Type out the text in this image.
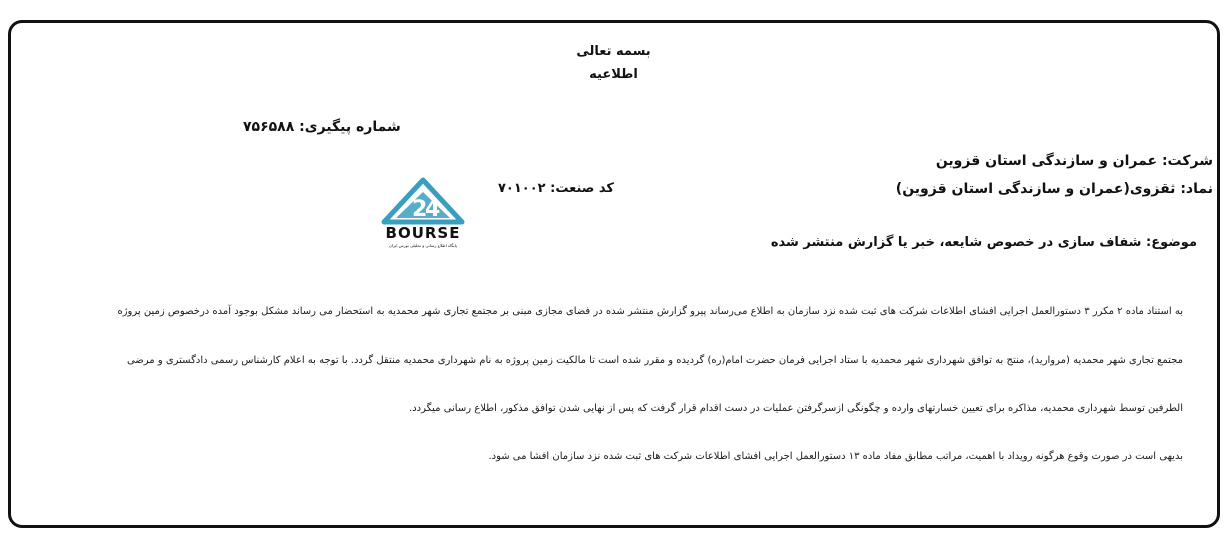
بسمه تعالی
اطلاعیه
شماره پیگیری: ۷۵۶۵۸۸
شرکت: عمران و سازندگی استان قزوین
نماد: ثقزوی(عمران و سازندگی استان قزوین)
کد صنعت: ۷۰۱۰۰۲
موضوع: شفاف سازی در خصوص شایعه، خبر یا گزارش منتشر شده
2
4
BOURSE
پایگاه اطلاع رسانی و تحلیلی بورس ایران
به استناد ماده ۲ مکرر ۳ دستورالعمل اجرایی افشای اطلاعات شرکت های ثبت شده نزد سازمان به اطلاع می‌رساند پیرو گزارش منتشر شده در فضای مجازی مبنی بر مجتمع تجاری شهر محمدیه به استحضار می رساند مشکل بوجود آمده درخصوص زمین پروژه
مجتمع تجاری شهر محمدیه (مروارید)، منتج به توافق شهرداری شهر محمدیه با ستاد اجرایی فرمان حضرت امام(ره) گردیده و مقرر شده است تا مالکیت زمین پروژه به نام شهرداری محمدیه منتقل گردد. با توجه به اعلام کارشناس رسمی دادگستری و مرضی
الطرفین توسط شهرداری محمدیه، مذاکره برای تعیین خسارتهای وارده و چگونگی ازسرگرفتن عملیات در دست اقدام قرار گرفت که پس از نهایی شدن توافق مذکور، اطلاع رسانی میگردد.
بدیهی است در صورت وقوع هرگونه رویداد با اهمیت، مراتب مطابق مفاد ماده ۱۳ دستورالعمل اجرایی افشای اطلاعات شرکت های ثبت شده نزد سازمان افشا می شود.
